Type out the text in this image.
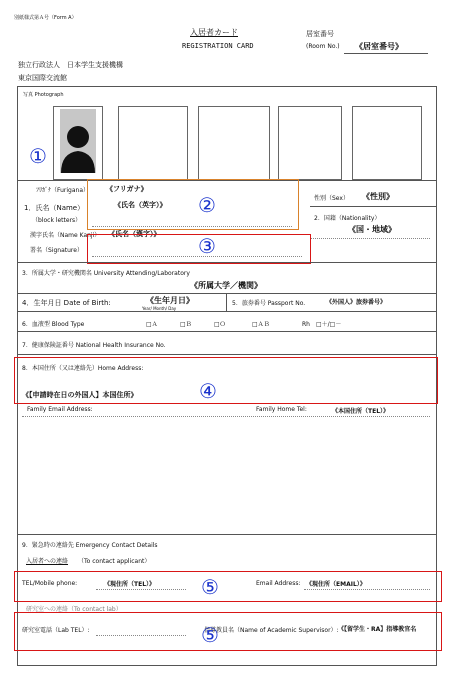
別紙様式第Ａ号（Form A）
入居者カード
REGISTRATION CARD
居室番号
(Room No.) 《居室番号》
独立行政法人　日本学生支援機構
東京国際交流館
写真 Photograph
①
ﾌﾘｶﾞﾅ（Furigana） 《フリガナ》
1．氏名（Name）	《氏名（英字）》 ②
（block letters）
漢字氏名（Name Kanji） 《氏名（漢字）》 ③
署名（Signature）
性別（Sex） 《性別》
2．国籍（Nationality）
《国・地域》
3．所属大学・研究機関名 University Attending/Laboratory
《所属大学／機関》
4．生年月日 Date of Birth:	《生年月日》
Year/ Month/ Day
5．旅券番号 Passport No.	《外国人》旅券番号》
6．血液型 Blood Type	□Ａ	□Ｂ	□Ｏ	□ＡＢ	Rh　□＋/□－
7．健康保険証番号 National Health Insurance No.
8．本国住所（又は連絡先）Home Address:
《【申請時在日の外国人】本国住所》	④
Family Email Address:	Family Home Tel:	《本国住所（TEL）》
9．緊急時の連絡先 Emergency Contact Details
入居者への連絡 （To contact applicant）
TEL/Mobile phone:	《現住所（TEL）》 ⑤	Email Address: 《現住所（EMAIL）》
研究室への連絡（To contact lab）
研究室電話（Lab TEL）:	指導教員名（Name of Academic Supervisor）: 《【留学生・RA】指導教官名
⑤
